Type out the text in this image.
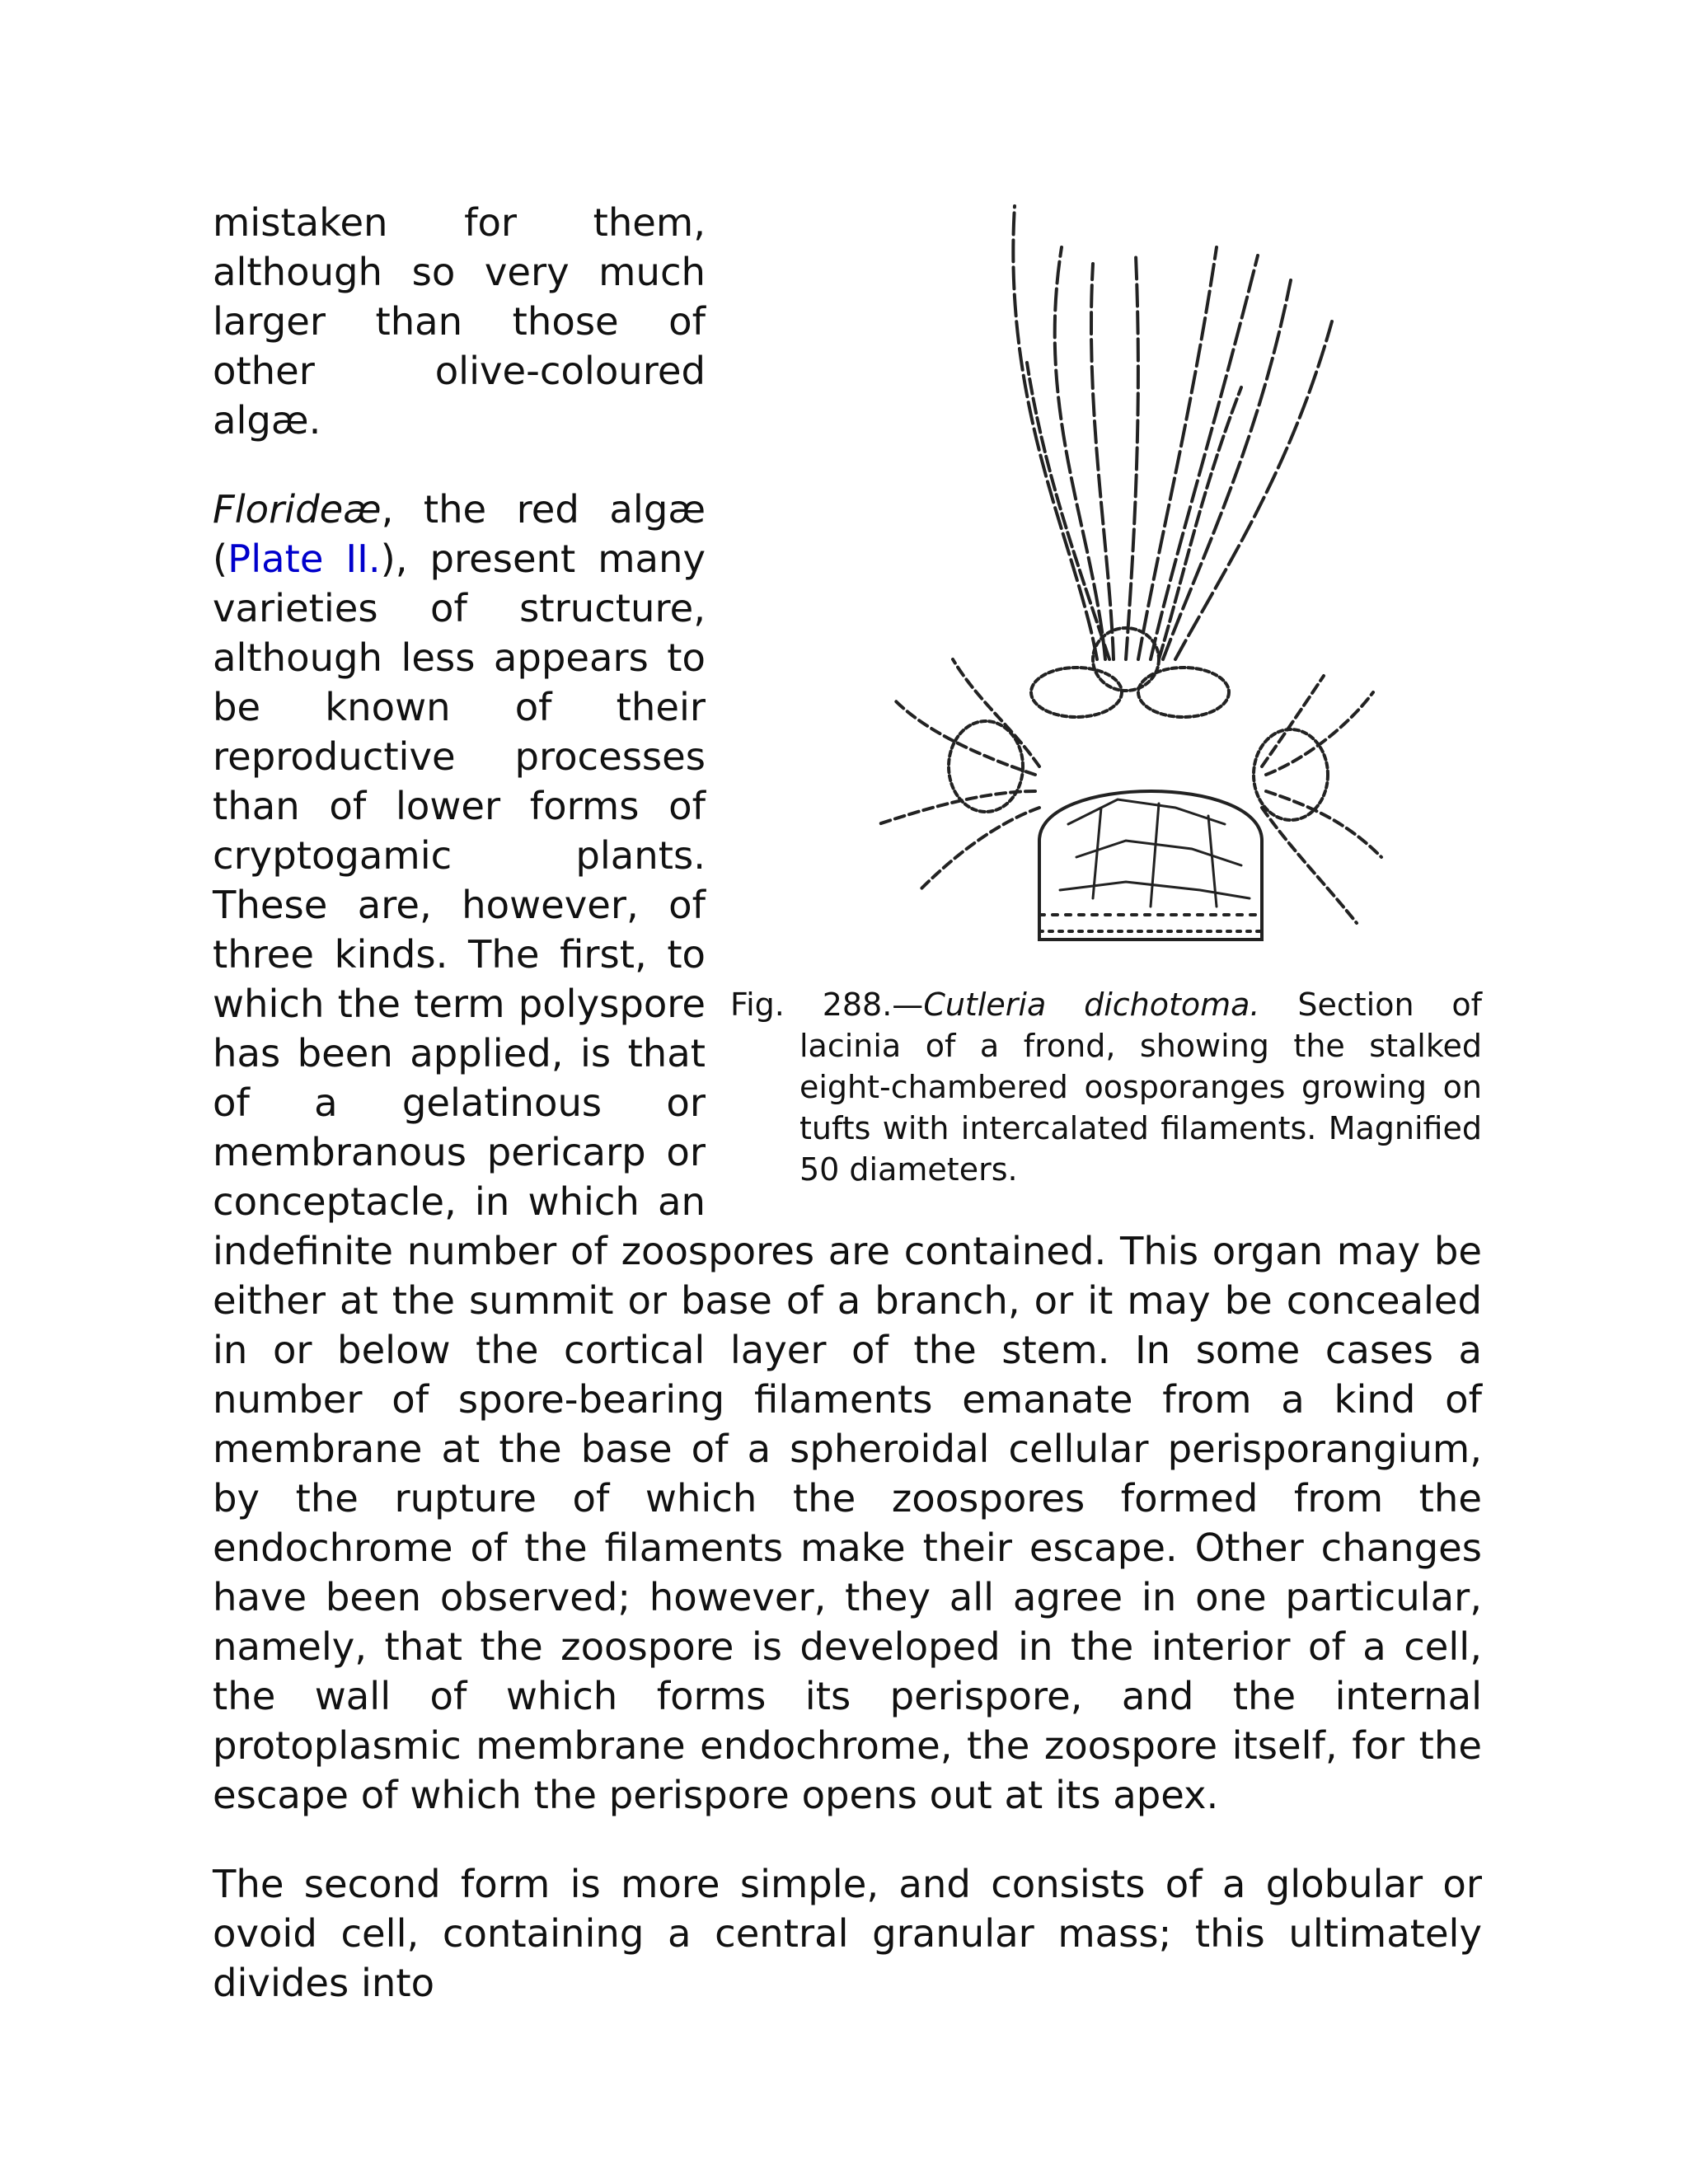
Fig. 288.—Cutleria dichotoma. Section of lacinia of a frond, showing the stalked eight-chambered oosporanges growing on tufts with intercalated filaments. Magnified 50 diameters.

mistaken for them, although so very much larger than those of other olive-coloured algæ.

Florideæ, the red algæ (Plate II.), present many varieties of structure, although less appears to be known of their reproductive processes than of lower forms of cryptogamic plants. These are, however, of three kinds. The first, to which the term polyspore has been applied, is that of a gelatinous or membranous pericarp or conceptacle, in which an indefinite number of zoospores are contained. This organ may be either at the summit or base of a branch, or it may be concealed in or below the cortical layer of the stem. In some cases a number of spore-bearing filaments emanate from a kind of membrane at the base of a spheroidal cellular perisporangium, by the rupture of which the zoospores formed from the endochrome of the filaments make their escape. Other changes have been observed; however, they all agree in one particular, namely, that the zoospore is developed in the interior of a cell, the wall of which forms its perispore, and the internal protoplasmic membrane endochrome, the zoospore itself, for the escape of which the perispore opens out at its apex.

The second form is more simple, and consists of a globular or ovoid cell, containing a central granular mass; this ultimately divides into
